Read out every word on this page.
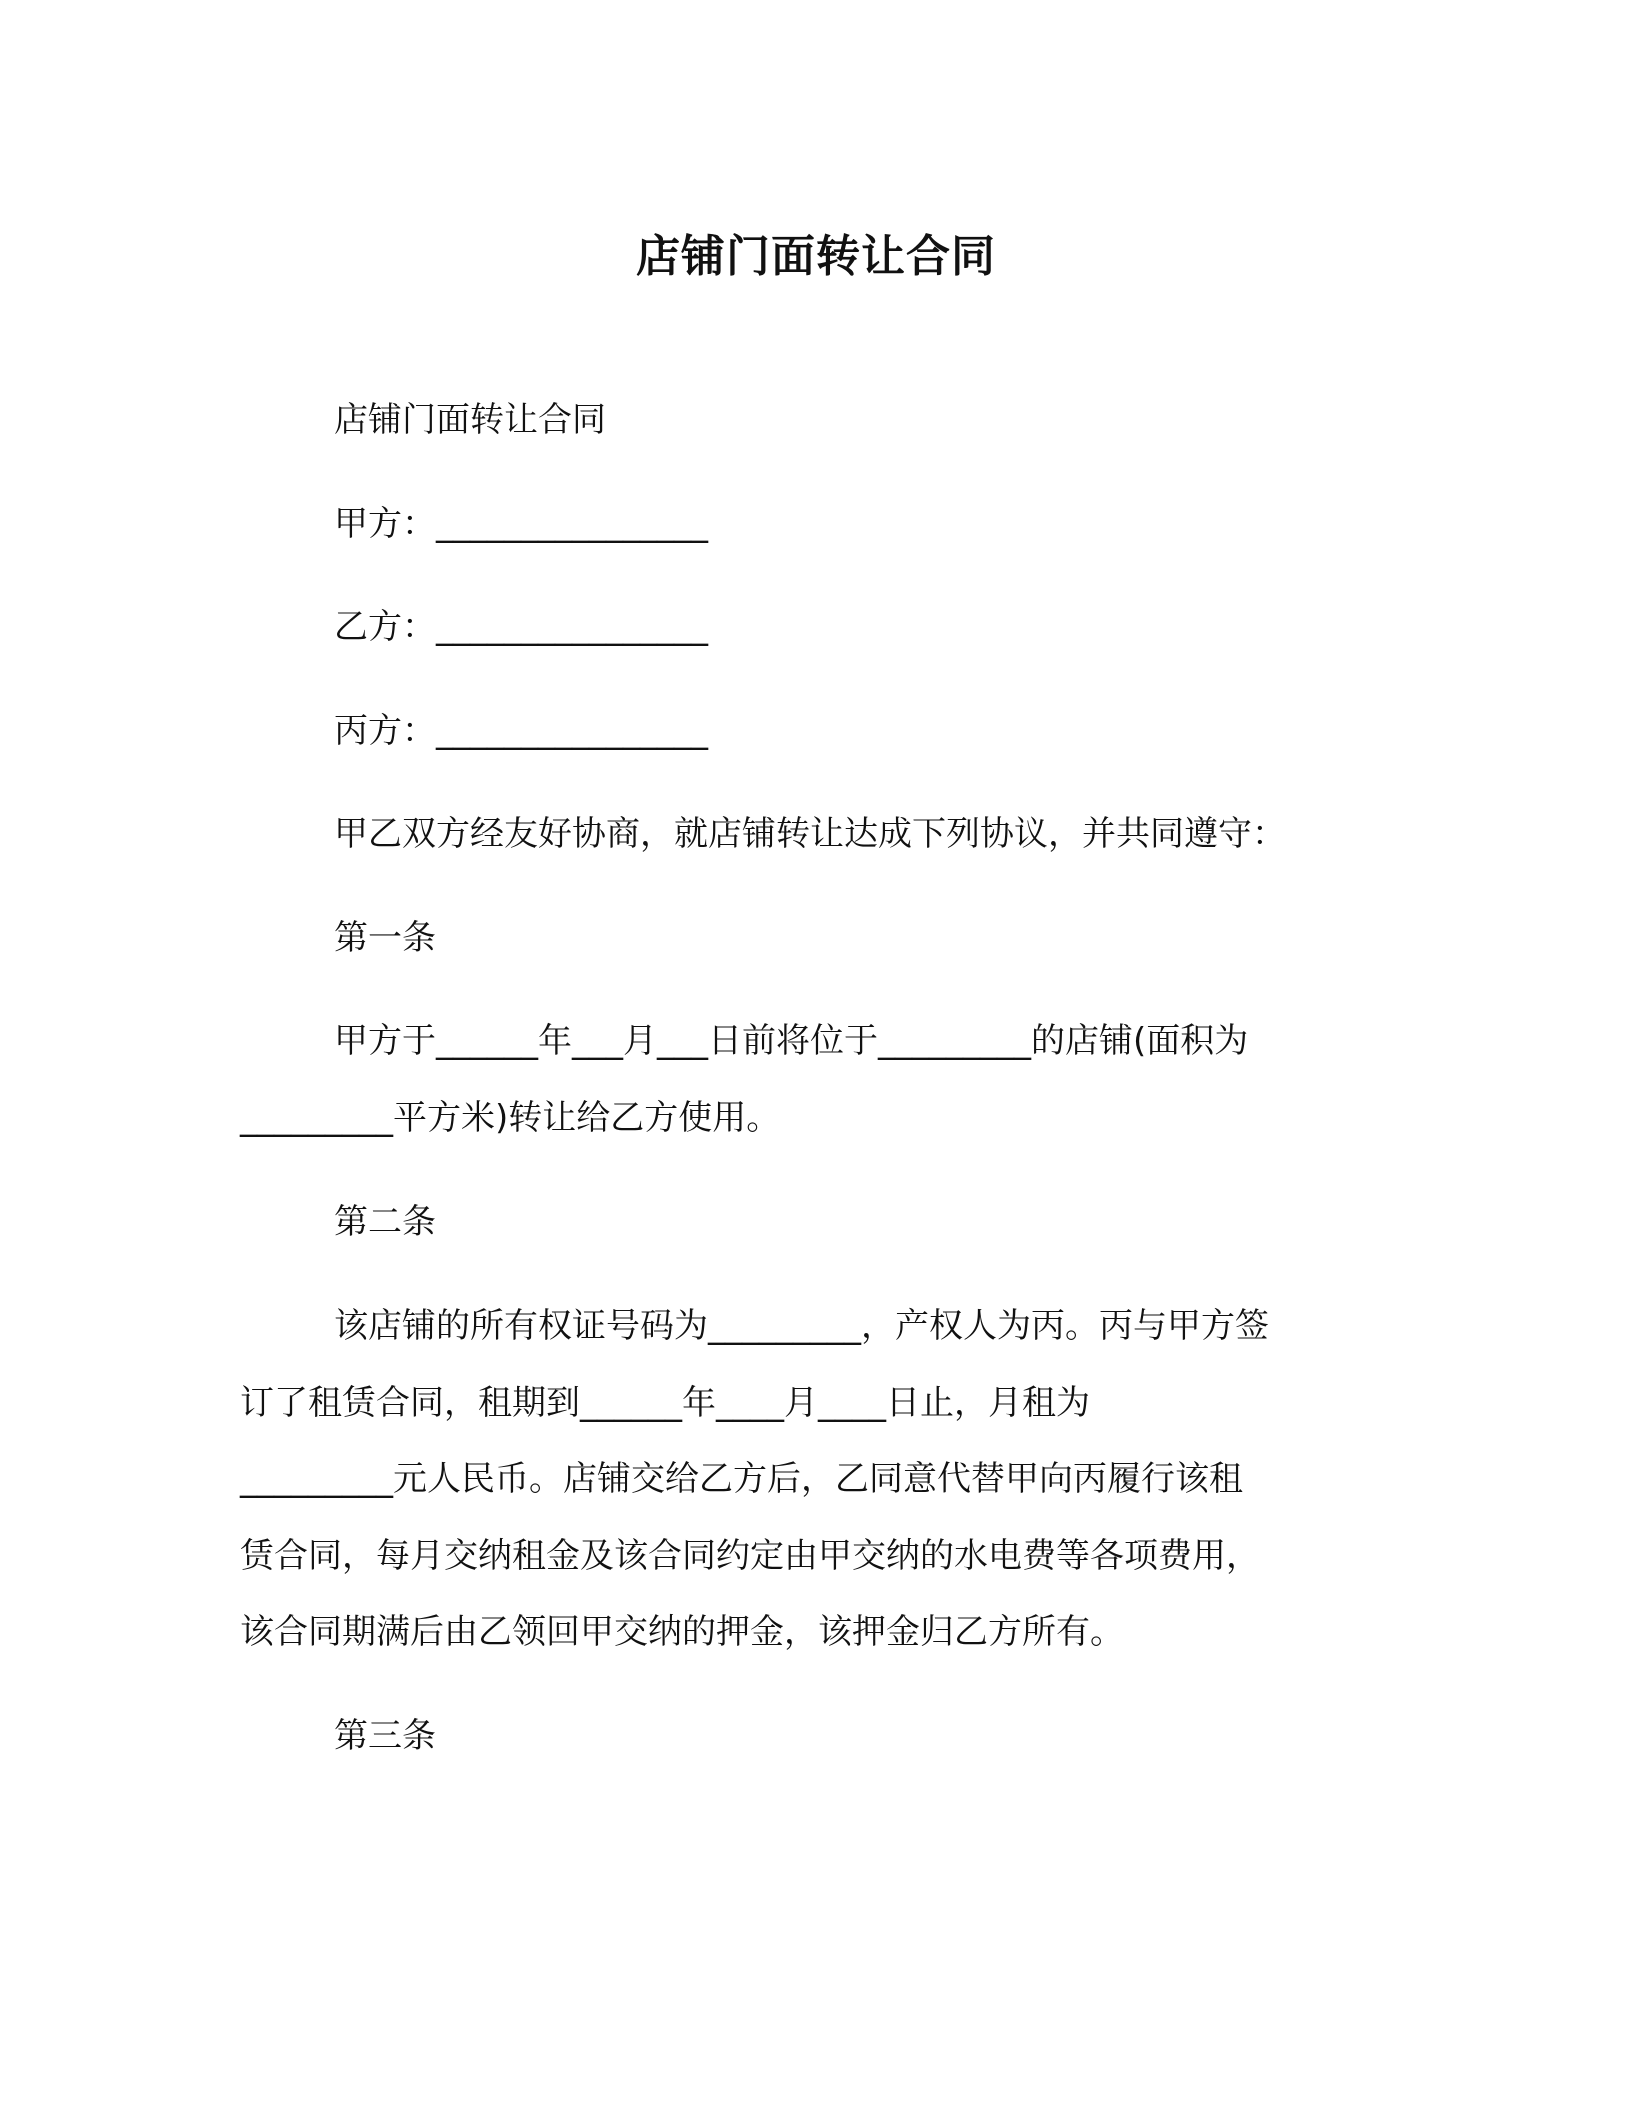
店铺门面转让合同
店铺门面转让合同
甲方：________________
乙方：________________
丙方：________________
甲乙双方经友好协商，就店铺转让达成下列协议，并共同遵守：
第一条
甲方于______年___月___日前将位于_________的店铺(面积为
_________平方米)转让给乙方使用。
第二条
该店铺的所有权证号码为_________，产权人为丙。丙与甲方签
订了租赁合同，租期到______年____月____日止，月租为
_________元人民币。店铺交给乙方后，乙同意代替甲向丙履行该租
赁合同，每月交纳租金及该合同约定由甲交纳的水电费等各项费用，
该合同期满后由乙领回甲交纳的押金，该押金归乙方所有。
第三条
